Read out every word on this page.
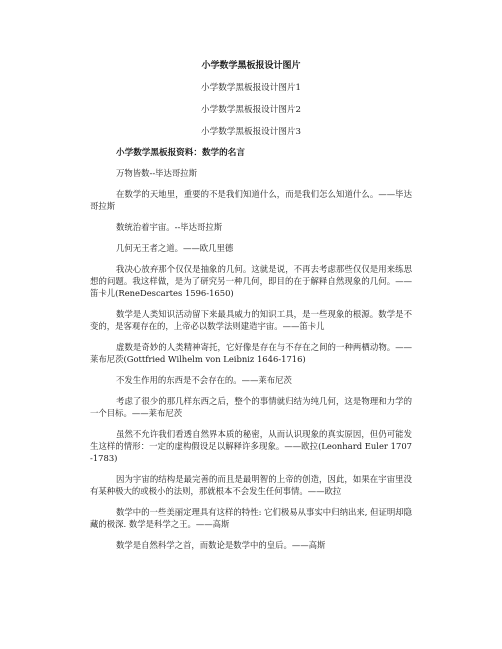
小学数学黑板报设计图片
小学数学黑板报设计图片1
小学数学黑板报设计图片2
小学数学黑板报设计图片3
小学数学黑板报资料：数学的名言

万物皆数--毕达哥拉斯

在数学的天地里，重要的不是我们知道什么，而是我们怎么知道什么。——毕达哥拉斯

数统治着宇宙。--毕达哥拉斯

几何无王者之道。——欧几里德

我决心放弃那个仅仅是抽象的几何。这就是说，不再去考虑那些仅仅是用来练思想的问题。我这样做，是为了研究另一种几何，即目的在于解释自然现象的几何。——笛卡儿(ReneDescartes 1596-1650)

数学是人类知识活动留下来最具威力的知识工具，是一些现象的根源。数学是不变的，是客观存在的，上帝必以数学法则建造宇宙。——笛卡儿

虚数是奇妙的人类精神寄托，它好像是存在与不存在之间的一种两栖动物。——莱布尼茨(Gottfried Wilhelm von Leibniz 1646-1716)

不发生作用的东西是不会存在的。——莱布尼茨

考虑了很少的那几样东西之后，整个的事情就归结为纯几何，这是物理和力学的一个目标。——莱布尼茨

虽然不允许我们看透自然界本质的秘密，从而认识现象的真实原因，但仍可能发生这样的情形：一定的虚构假设足以解释许多现象。——欧拉(Leonhard Euler 1707-1783)

因为宇宙的结构是最完善的而且是最明智的上帝的创造，因此，如果在宇宙里没有某种极大的或极小的法则，那就根本不会发生任何事情。——欧拉

数学中的一些美丽定理具有这样的特性: 它们极易从事实中归纳出来, 但证明却隐藏的极深. 数学是科学之王。——高斯

数学是自然科学之首，而数论是数学中的皇后。——高斯
